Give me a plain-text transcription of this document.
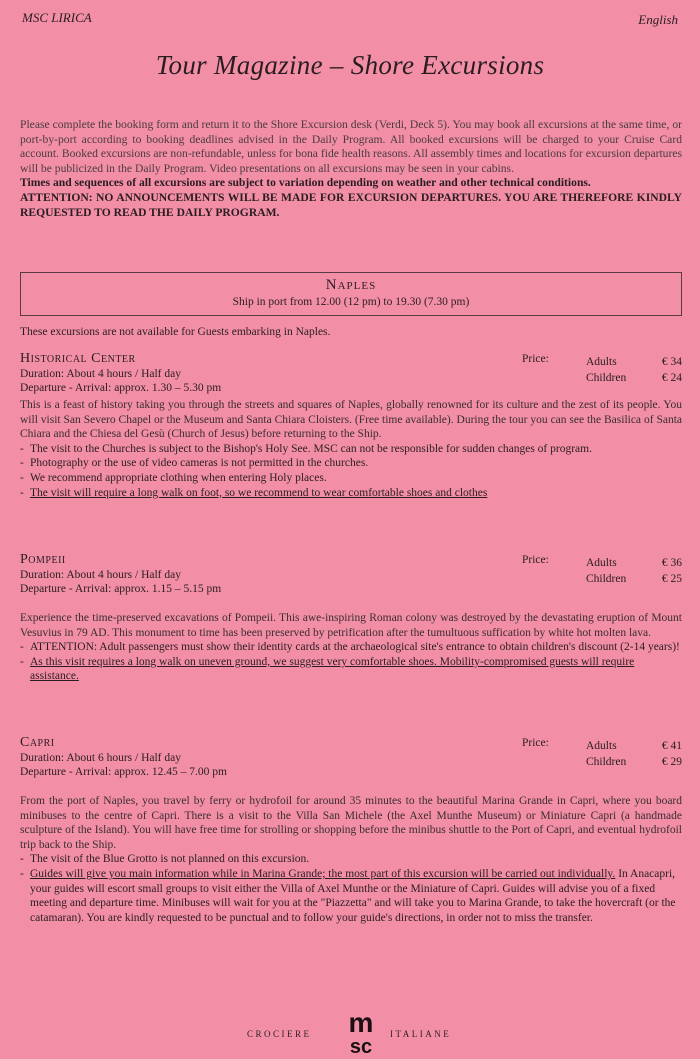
MSC LIRICA	English
Tour Magazine – Shore Excursions

Please complete the booking form and return it to the Shore Excursion desk (Verdi, Deck 5). You may book all excursions at the same time, or port-by-port according to booking deadlines advised in the Daily Program. All booked excursions will be charged to your Cruise Card account. Booked excursions are non-refundable, unless for bona fide health reasons. All assembly times and locations for excursion departures will be publicized in the Daily Program. Video presentations on all excursions may be seen in your cabins.

Times and sequences of all excursions are subject to variation depending on weather and other technical conditions.

ATTENTION: NO ANNOUNCEMENTS WILL BE MADE FOR EXCURSION DEPARTURES. YOU ARE THEREFORE KINDLY REQUESTED TO READ THE DAILY PROGRAM.

Naples
Ship in port from 12.00 (12 pm) to 19.30 (7.30 pm)
These excursions are not available for Guests embarking in Naples.
Historical Center
Duration: About 4 hours / Half day
Departure - Arrival: approx. 1.30 – 5.30 pm
Price:	Adults	€ 34
Children	€ 24

This is a feast of history taking you through the streets and squares of Naples, globally renowned for its culture and the zest of its people. You will visit San Severo Chapel or the Museum and Santa Chiara Cloisters. (Free time available). During the tour you can see the Basilica of Santa Chiara and the Chiesa del Gesù (Church of Jesus) before returning to the Ship.

- The visit to the Churches is subject to the Bishop's Holy See. MSC can not be responsible for sudden changes of program.
- Photography or the use of video cameras is not permitted in the churches.
- We recommend appropriate clothing when entering Holy places.
- The visit will require a long walk on foot, so we recommend to wear comfortable shoes and clothes
Pompeii
Duration: About 4 hours / Half day
Departure - Arrival: approx. 1.15 – 5.15 pm
Price:	Adults	€ 36
Children	€ 25

Experience the time-preserved excavations of Pompeii. This awe-inspiring Roman colony was destroyed by the devastating eruption of Mount Vesuvius in 79 AD. This monument to time has been preserved by petrification after the tumultuous suffication by white hot molten lava.

- ATTENTION: Adult passengers must show their identity cards at the archaeological site's entrance to obtain children's discount (2-14 years)!
- As this visit requires a long walk on uneven ground, we suggest very comfortable shoes. Mobility-compromised guests will require assistance.
Capri
Duration: About 6 hours / Half day
Departure - Arrival: approx. 12.45 – 7.00 pm
Price:	Adults	€ 41
Children	€ 29

From the port of Naples, you travel by ferry or hydrofoil for around 35 minutes to the beautiful Marina Grande in Capri, where you board minibuses to the centre of Capri. There is a visit to the Villa San Michele (the Axel Munthe Museum) or Miniature Capri (a handmade sculpture of the Island). You will have free time for strolling or shopping before the minibus shuttle to the Port of Capri, and eventual hydrofoil trip back to the Ship.

- The visit of the Blue Grotto is not planned on this excursion.
- Guides will give you main information while in Marina Grande; the most part of this excursion will be carried out individually. In Anacapri, your guides will escort small groups to visit either the Villa of Axel Munthe or the Miniature of Capri. Guides will advise you of a fixed meeting and departure time. Minibuses will wait for you at the "Piazzetta" and will take you to Marina Grande, to take the hovercraft (or the catamaran). You are kindly requested to be punctual and to follow your guide's directions, in order not to miss the transfer.
CROCIERE m
sc
ITALIANE
